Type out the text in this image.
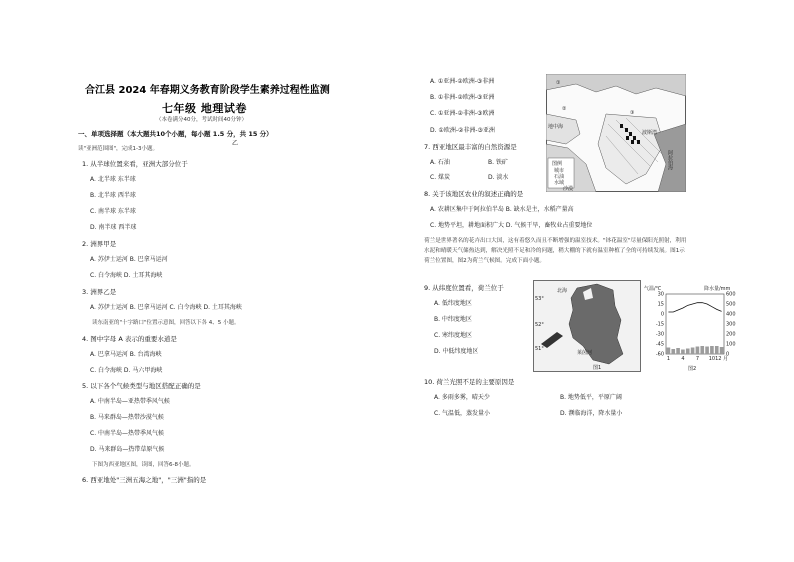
合江县 2024 年春期义务教育阶段学生素养过程性监测
七年级 地理试卷
（本卷满分40分，考试时间40分钟）
一、单项选择题（本大题共10个小题，每小题 1.5 分，共 15 分）
乙
读"亚洲范围图"，完成1-3小题。
1. 从半球位置来看，亚洲大部分位于
A. 北半球 东半球
B. 北半球 西半球
C. 南半球 东半球
D. 南半球 西半球
2. 洲界甲是
A. 苏伊士运河 B. 巴拿马运河
C. 白令海峡 D. 土耳其海峡
3. 洲界乙是
A. 苏伊士运河 B. 巴拿马运河 C. 白令海峡 D. 土耳其海峡
读东南亚的"十字路口"位置示意图，回答以下各 4、5 小题。
4. 图中字母 A 表示的重要水道是
A. 巴拿马运河 B. 台湾海峡
C. 白令海峡 D. 马六甲海峡
5. 以下各个气候类型与地区搭配正确的是
A. 中南半岛—亚热带季风气候
B. 马来群岛—热带沙漠气候
C. 中南半岛—热带季风气候
D. 马来群岛—热带草原气候
下图为西亚地区图，读图，回答6-8小题。
6. 西亚地处"三洲五海之地"，"三洲"指的是
A. ①亚洲-②欧洲-③非洲
B. ①非洲-②欧洲-③亚洲
C. ①亚洲-②非洲-③欧洲
D. ①欧洲-②非洲-③亚洲
7. 西亚地区最丰富的自然资源是
A. 石油	B. 铁矿
C. 煤炭	D. 淡水
①
②
③
地中海
阿拉伯海
波斯湾
图例
城市
石油
水域
沙漠
8. 关于该地区农业的叙述正确的是
A. 农耕区集中于阿拉伯半岛 B. 缺水是主，水稻产量高
C. 地势平坦，耕地面积广大 D. 气候干旱，畜牧业占重要地位
荷兰是世界著名的花卉出口大国，这有着悠久而且不断增强的温室技术。"钵花温室"尽量保阳光照射，利用水泥和晴暖天气储热达到，解决光照不足和冷的问题，稍大棚的下就有温室种植了全的可持续发展。图1示荷兰位置图，图2为荷兰气候图。完成下面小题。
9. 从纬度位置看，荷兰位于
A. 低纬度地区
B. 中纬度地区
C. 寒纬度地区
D. 中低纬度地区
北海
莱茵河
53°
52°
51°
图1
气温/℃	降水量/mm
30
15
0
-15
-30
-45
-60
600
500
400
300
200
100
0
1 4 7 10 12 月
图2
10. 荷兰光照不足的主要原因是
A. 多雨多雾，晴天少	B. 地势低平，平原广阔
C. 气温低，蒸发量小	D. 濒临海洋，降水量小
